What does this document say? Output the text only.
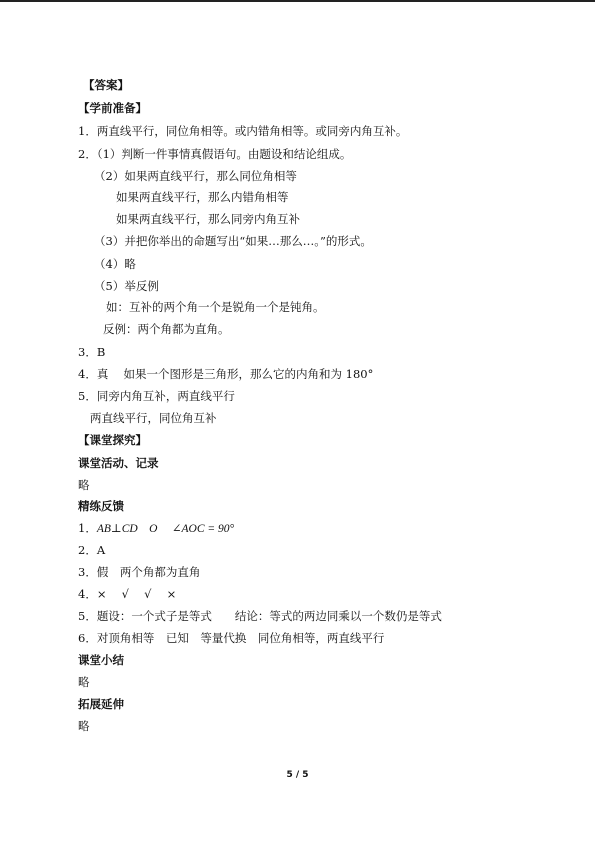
【答案】
【学前准备】
1．两直线平行，同位角相等。或内错角相等。或同旁内角互补。
2．（1）判断一件事情真假语句。由题设和结论组成。
（2）如果两直线平行，那么同位角相等
如果两直线平行，那么内错角相等
如果两直线平行，那么同旁内角互补
（3）并把你举出的命题写出“如果…那么…。”的形式。
（4）略
（5）举反例
如：互补的两个角一个是锐角一个是钝角。
反例：两个角都为直角。
3．B
4．真　 如果一个图形是三角形，那么它的内角和为 180°
5．同旁内角互补，两直线平行
两直线平行，同位角互补
【课堂探究】
课堂活动、记录
略
精练反馈
1．AB⊥CD　O　 ∠AOC = 90°
2．A
3．假　两个角都为直角
4．×　 √　 √　 ×
5．题设：一个式子是等式　　结论：等式的两边同乘以一个数仍是等式
6．对顶角相等　已知　等量代换　同位角相等，两直线平行
课堂小结
略
拓展延伸
略
5 / 5
